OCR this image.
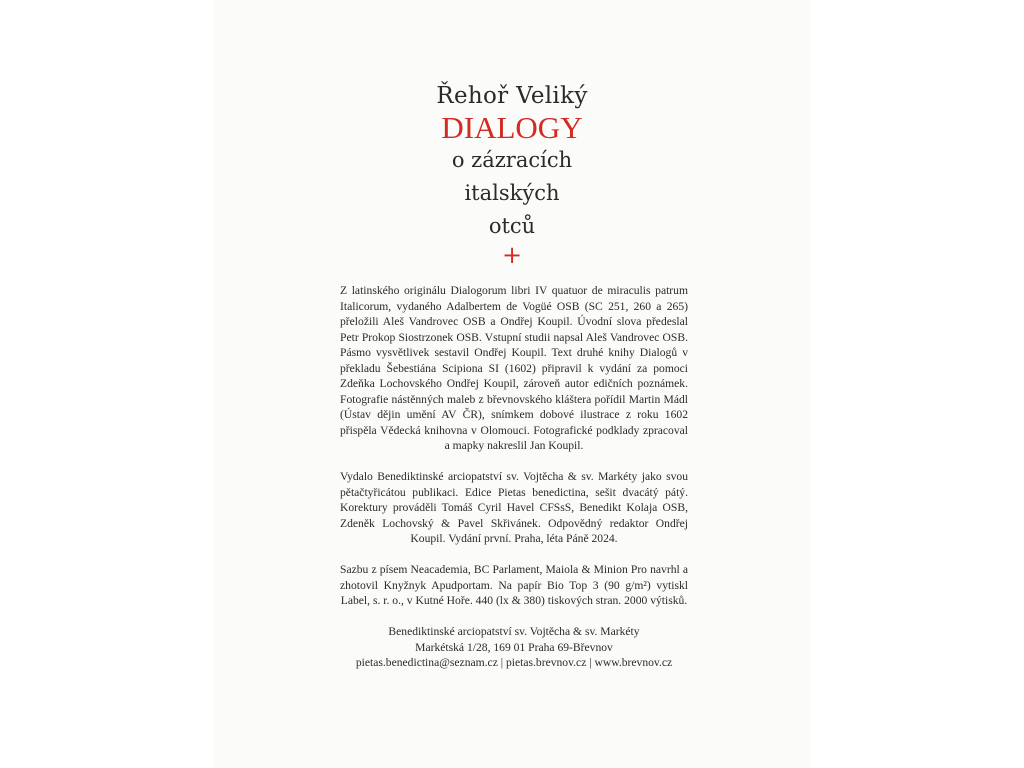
Řehoř Veliký
DIALOGY
o zázracích
italských
otců
+

Z latinského originálu Dialogorum libri IV quatuor de miraculis patrum Italicorum, vydaného Adalbertem de Vogüé OSB (SC 251, 260 a 265) přeložili Aleš Vandrovec OSB a Ondřej Koupil. Úvodní slova předeslal Petr Prokop Siostrzonek OSB. Vstupní studii napsal Aleš Vandrovec OSB. Pásmo vysvětlivek sestavil Ondřej Koupil. Text druhé knihy Dialogů v překladu Šebestiána Scipiona SI (1602) připravil k vydání za pomoci Zdeňka Lochovského Ondřej Koupil, zároveň autor edičních poznámek. Fotografie nástěnných maleb z břevnovského kláštera pořídil Martin Mádl (Ústav dějin umění AV ČR), snímkem dobové ilustrace z roku 1602 přispěla Vědecká knihovna v Olomouci. Fotografické podklady zpracoval a mapky nakreslil Jan Koupil.

Vydalo Benediktinské arciopatství sv. Vojtěcha & sv. Markéty jako svou pětačtyřicátou publikaci. Edice Pietas benedictina, sešit dvacátý pátý. Korektury prováděli Tomáš Cyril Havel CFSsS, Benedikt Kolaja OSB, Zdeněk Lochovský & Pavel Skřivánek. Odpovědný redaktor Ondřej Koupil. Vydání první. Praha, léta Páně 2024.

Sazbu z písem Neacademia, BC Parlament, Maiola & Minion Pro navrhl a zhotovil Knyžnyk Apudportam. Na papír Bio Top 3 (90 g/m²) vytiskl Label, s. r. o., v Kutné Hoře. 440 (lx & 380) tiskových stran. 2000 výtisků.

Benediktinské arciopatství sv. Vojtěcha & sv. Markéty
Markétská 1/28, 169 01 Praha 69-Břevnov
pietas.benedictina@seznam.cz | pietas.brevnov.cz | www.brevnov.cz
